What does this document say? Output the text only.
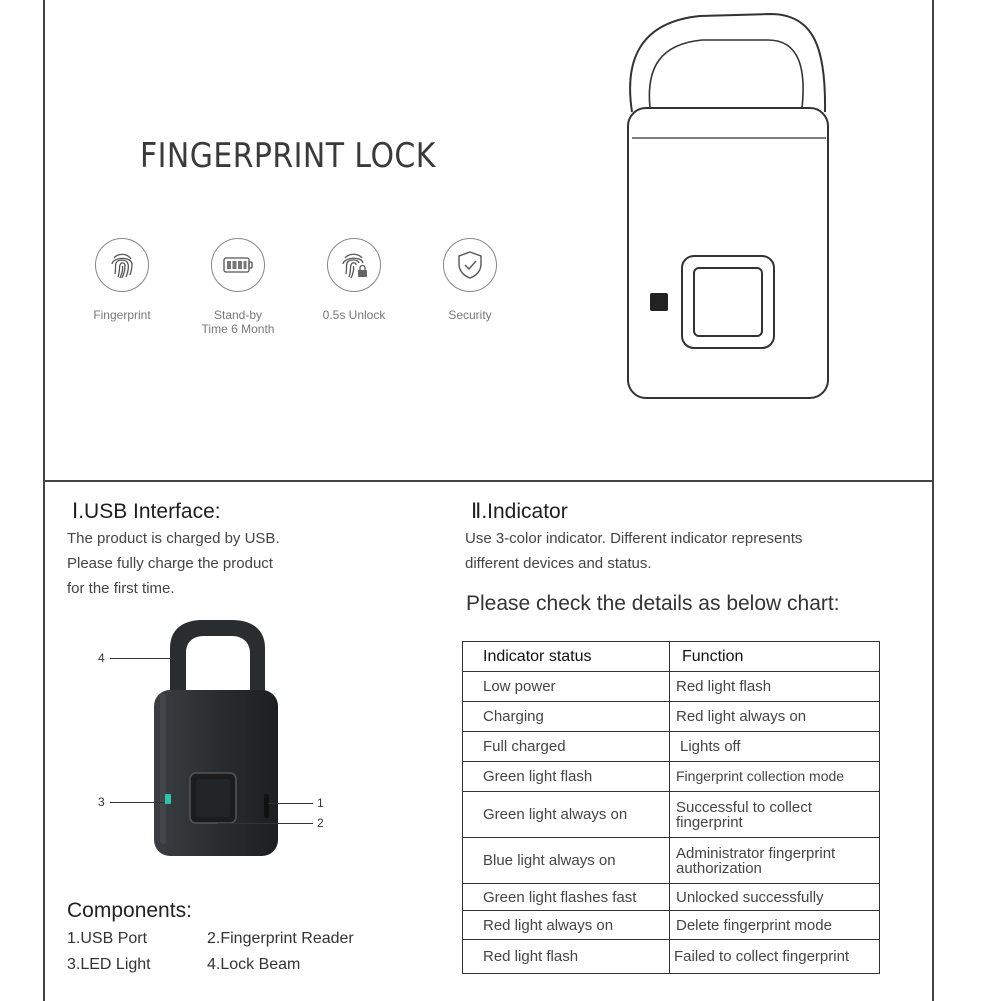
FINGERPRINT LOCK
Fingerprint	Stand-by
Time 6 Month
0.5s Unlock	Security
Ⅰ.USB Interface:
The product is charged by USB.
Please fully charge the product
for the first time.
4
3	1
2
Components:
1.USB Port	2.Fingerprint Reader
3.LED Light	4.Lock Beam
Ⅱ.Indicator
Use 3-color indicator. Different indicator represents
different devices and status.
Please check the details as below chart:
Indicator status	Function
Low power	Red light flash
Charging	Red light always on
Full charged	Lights off
Green light flash	Fingerprint collection mode
Green light always on	Successful to collect fingerprint
Blue light always on	Administrator fingerprint authorization
Green light flashes fast	Unlocked successfully
Red light always on	Delete fingerprint mode
Red light flash	Failed to collect fingerprint
